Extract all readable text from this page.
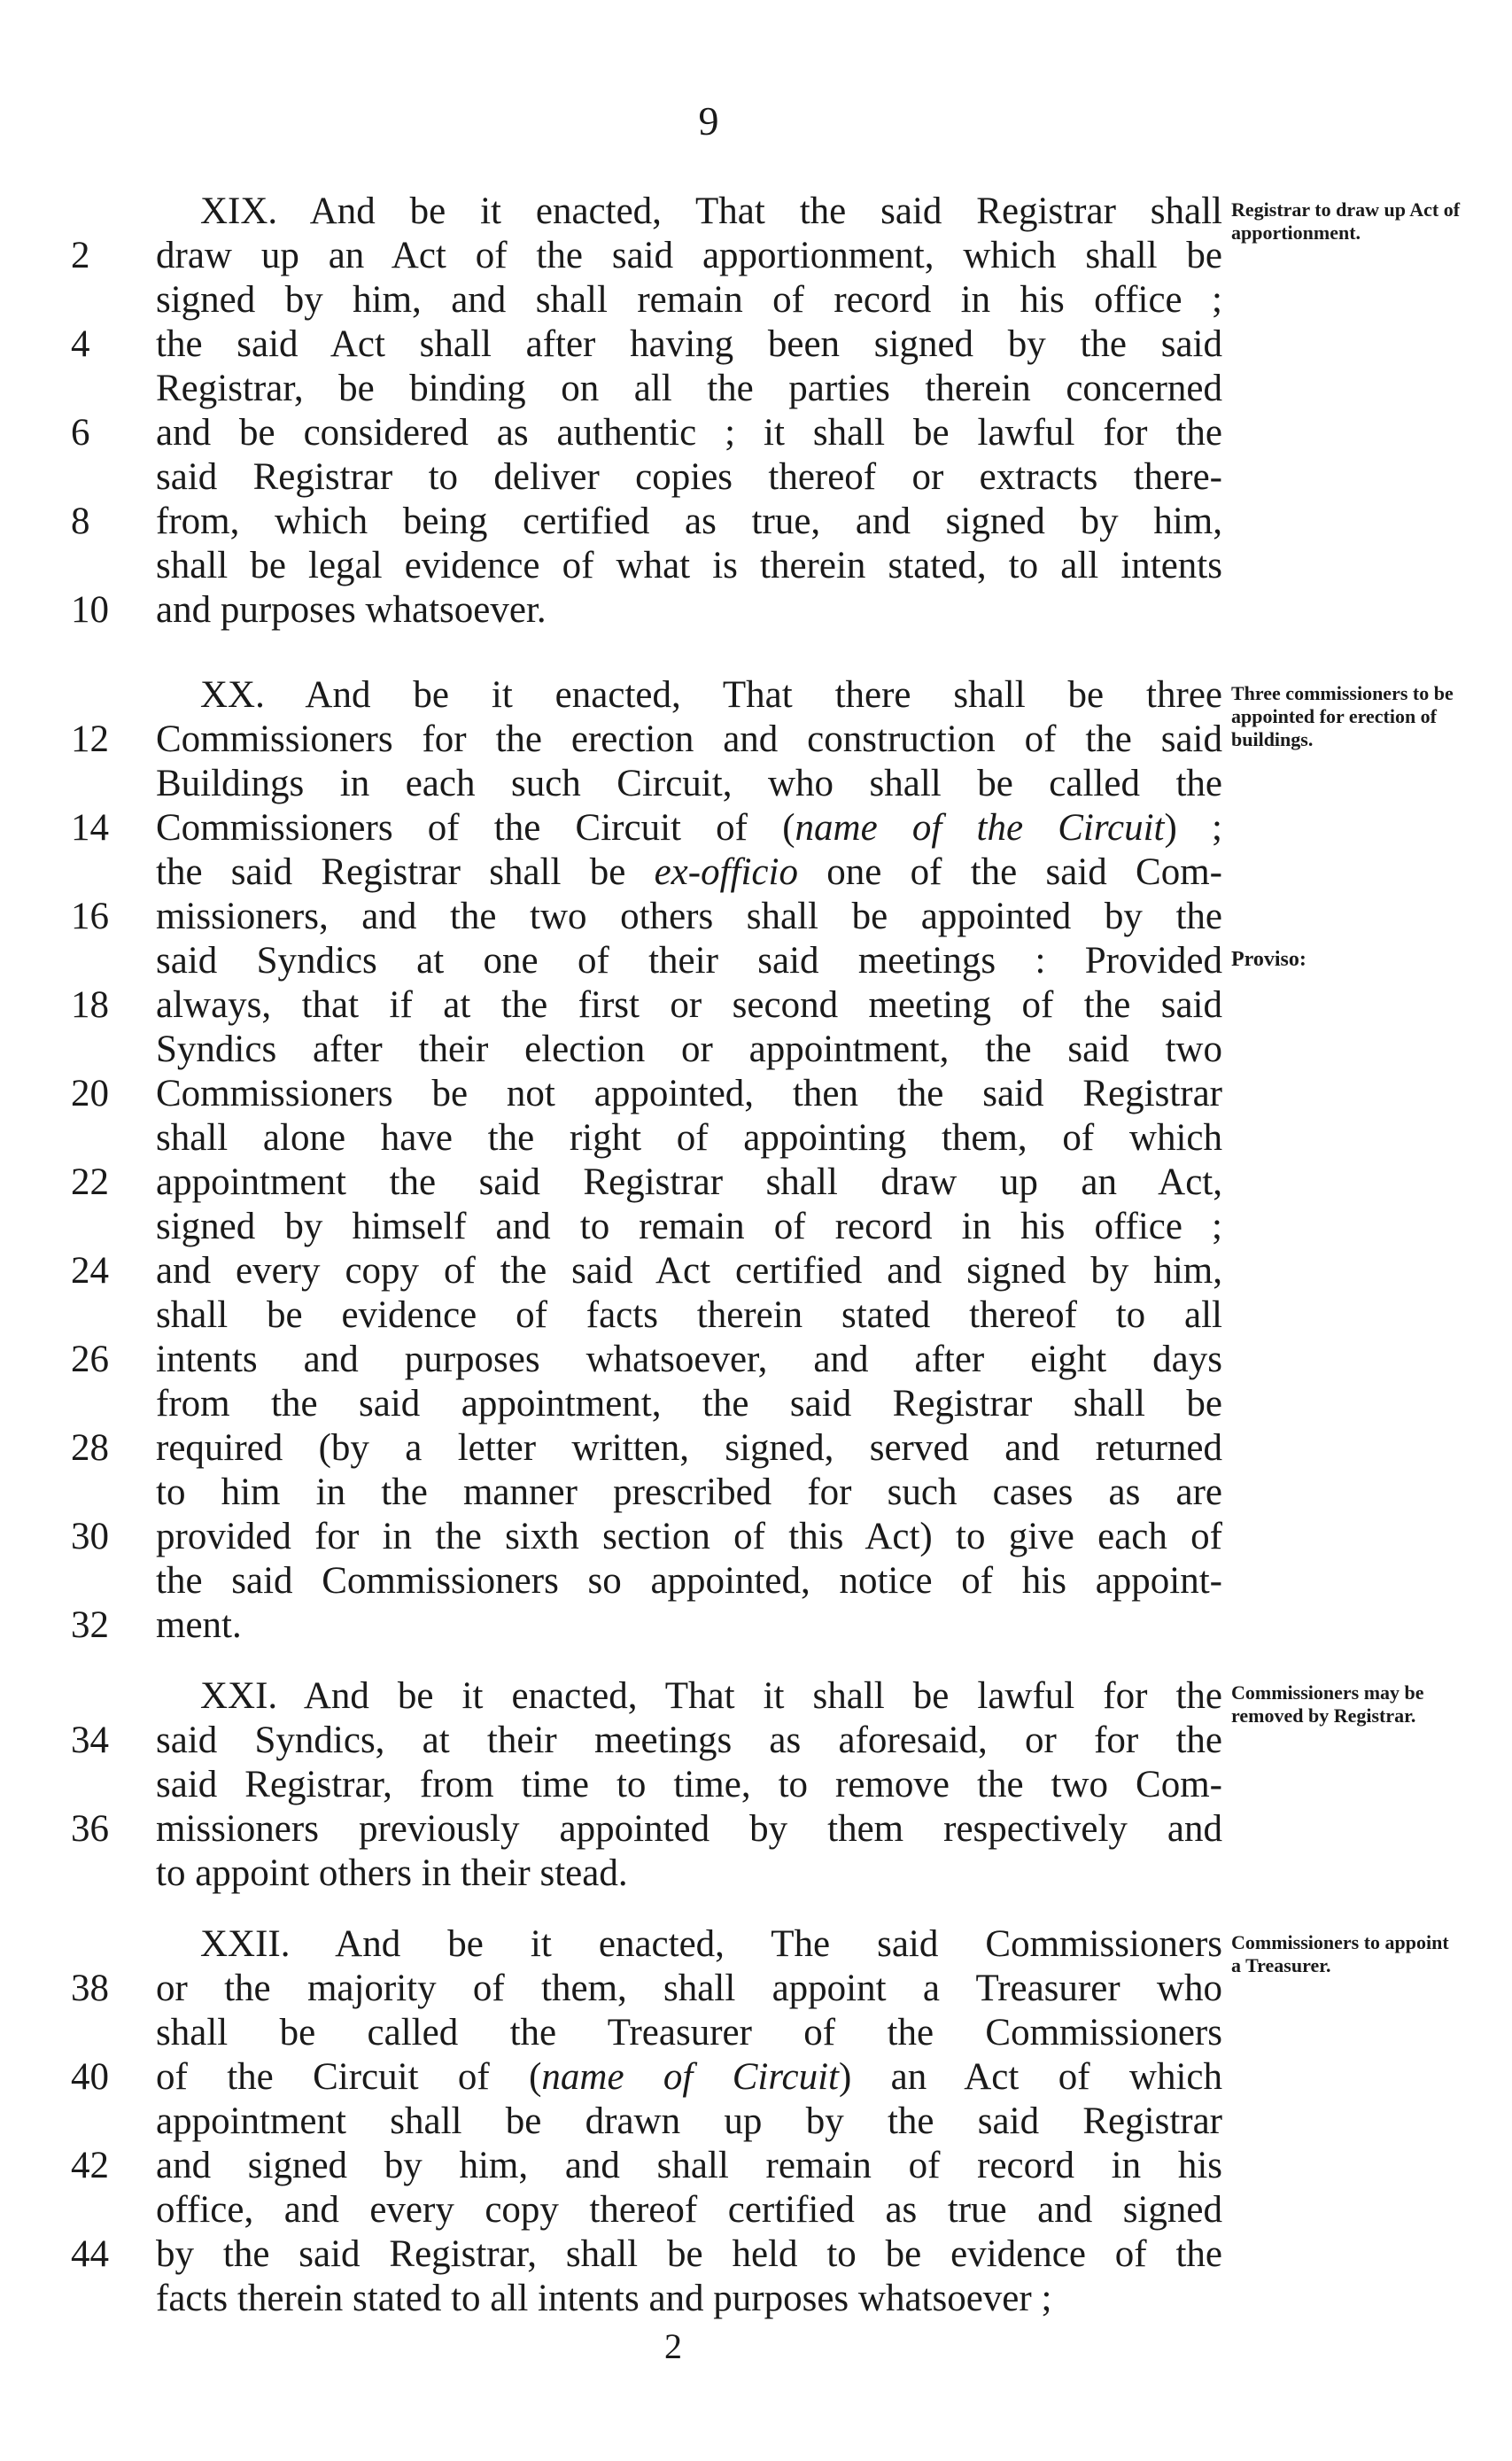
9
XIX. And be it enacted, That the said Registrar shall
2	draw up an Act of the said apportionment, which shall be
signed by him, and shall remain of record in his office ;
4	the said Act shall after having been signed by the said
Registrar, be binding on all the parties therein concerned
6	and be considered as authentic ; it shall be lawful for the
said Registrar to deliver copies thereof or extracts there-
8	from, which being certified as true, and signed by him,
shall be legal evidence of what is therein stated, to all intents
10	and purposes whatsoever.
Registrar to draw up Act of apportionment.
XX. And be it enacted, That there shall be three
12	Commissioners for the erection and construction of the said
Buildings in each such Circuit, who shall be called the
14	Commissioners of the Circuit of (name of the Circuit) ;
the said Registrar shall be ex-officio one of the said Com-
16	missioners, and the two others shall be appointed by the
said Syndics at one of their said meetings : Provided
18	always, that if at the first or second meeting of the said
Syndics after their election or appointment, the said two
20	Commissioners be not appointed, then the said Registrar
shall alone have the right of appointing them, of which
22	appointment the said Registrar shall draw up an Act,
signed by himself and to remain of record in his office ;
24	and every copy of the said Act certified and signed by him,
shall be evidence of facts therein stated thereof to all
26	intents and purposes whatsoever, and after eight days
from the said appointment, the said Registrar shall be
28	required (by a letter written, signed, served and returned
to him in the manner prescribed for such cases as are
30	provided for in the sixth section of this Act) to give each of
the said Commissioners so appointed, notice of his appoint-
32	ment.
Three commissioners to be appointed for erection of buildings.
Proviso:
XXI. And be it enacted, That it shall be lawful for the
34	said Syndics, at their meetings as aforesaid, or for the
said Registrar, from time to time, to remove the two Com-
36	missioners previously appointed by them respectively and
to appoint others in their stead.
Commissioners may be removed by Registrar.
XXII. And be it enacted, The said Commissioners
38	or the majority of them, shall appoint a Treasurer who
shall be called the Treasurer of the Commissioners
40	of the Circuit of (name of Circuit) an Act of which
appointment shall be drawn up by the said Registrar
42	and signed by him, and shall remain of record in his
office, and every copy thereof certified as true and signed
44	by the said Registrar, shall be held to be evidence of the
facts therein stated to all intents and purposes whatsoever ;
Commissioners to appoint a Treasurer.
2
